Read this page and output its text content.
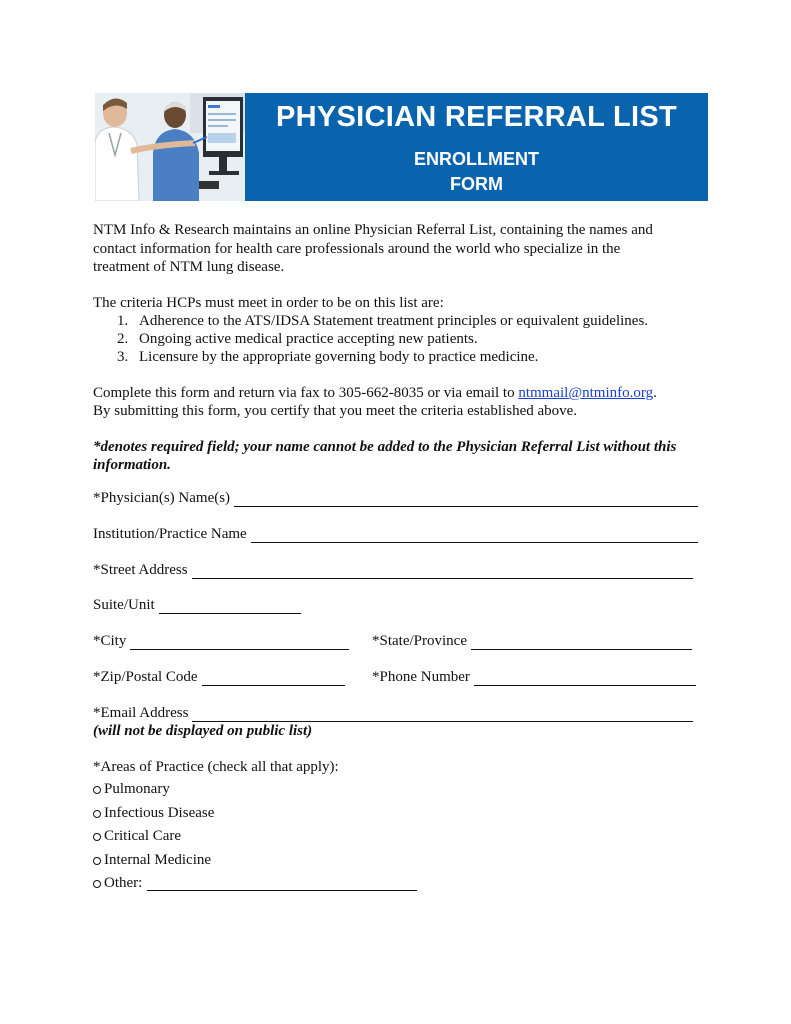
PHYSICIAN REFERRAL LIST
ENROLLMENT
FORM
NTM Info & Research maintains an online Physician Referral List, containing the names and
contact information for health care professionals around the world who specialize in the
treatment of NTM lung disease.
The criteria HCPs must meet in order to be on this list are:
1. Adherence to the ATS/IDSA Statement treatment principles or equivalent guidelines.
2. Ongoing active medical practice accepting new patients.
3. Licensure by the appropriate governing body to practice medicine.
Complete this form and return via fax to 305-662-8035 or via email to ntmmail@ntminfo.org.
By submitting this form, you certify that you meet the criteria established above.
*denotes required field; your name cannot be added to the Physician Referral List without this
information.
*Physician(s) Name(s)
Institution/Practice Name
*Street Address
Suite/Unit
*City	*State/Province
*Zip/Postal Code	*Phone Number
*Email Address
(will not be displayed on public list)
*Areas of Practice (check all that apply):
Pulmonary
Infectious Disease
Critical Care
Internal Medicine
Other:
